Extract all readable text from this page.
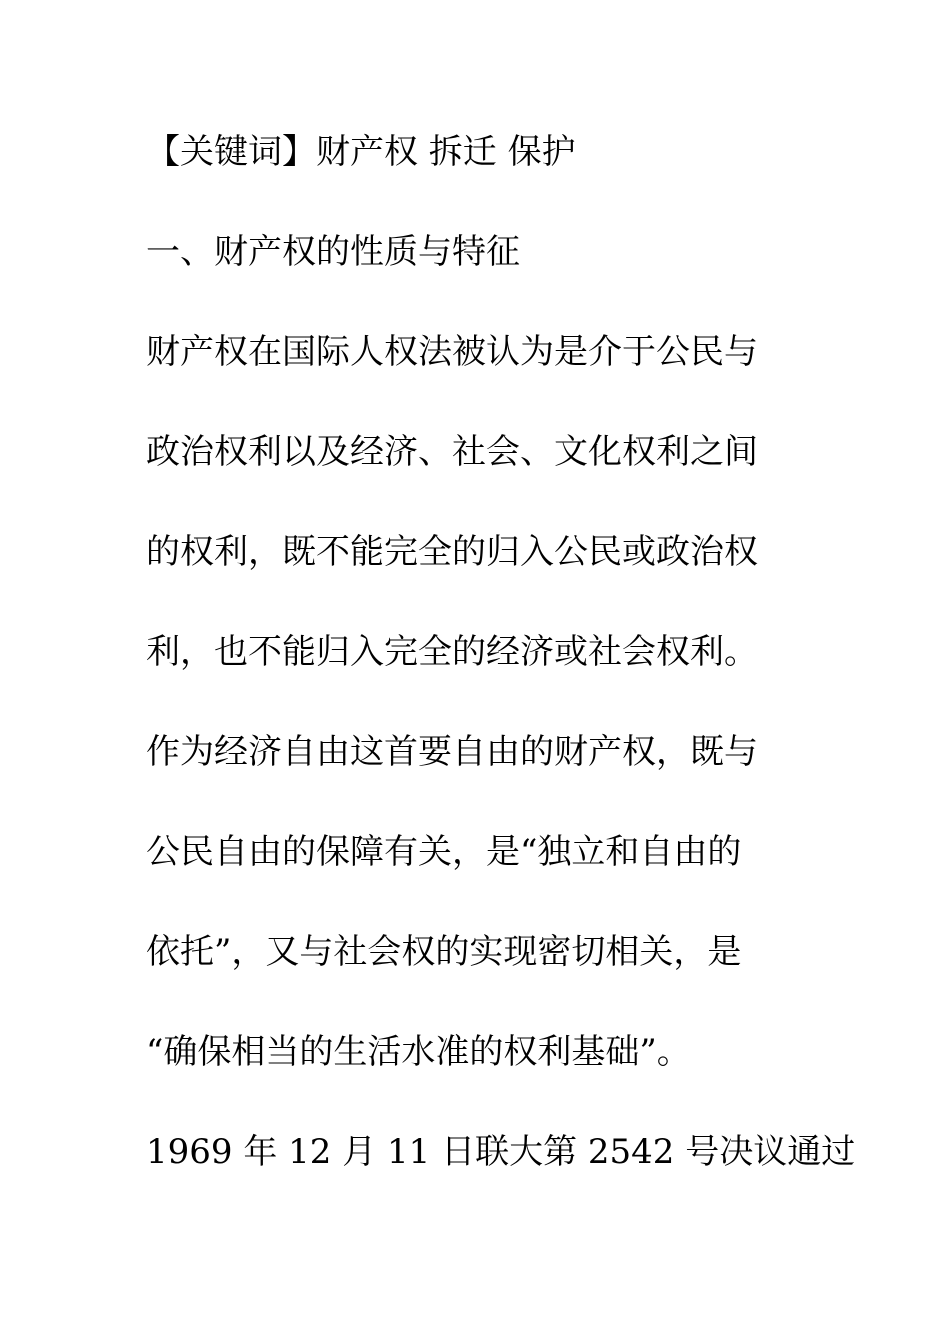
【关键词】财产权 拆迁 保护
一、财产权的性质与特征
财产权在国际人权法被认为是介于公民与
政治权利以及经济、社会、文化权利之间
的权利，既不能完全的归入公民或政治权
利，也不能归入完全的经济或社会权利。
作为经济自由这首要自由的财产权，既与
公民自由的保障有关，是“独立和自由的
依托”，又与社会权的实现密切相关，是
“确保相当的生活水准的权利基础”。
1969 年 12 月 11 日联大第 2542 号决议通过
